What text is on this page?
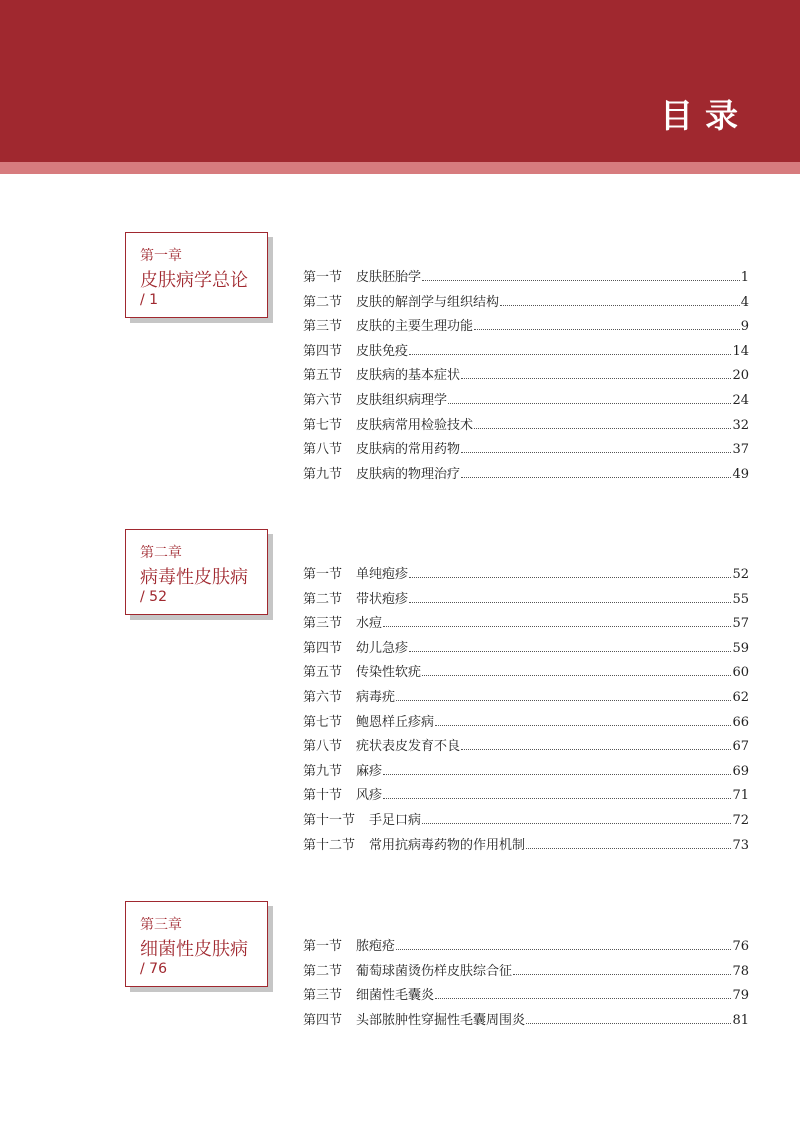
目录
第一章
皮肤病学总论
/ 1
第一节 皮肤胚胎学	1
第二节 皮肤的解剖学与组织结构	4
第三节 皮肤的主要生理功能	9
第四节 皮肤免疫	14
第五节 皮肤病的基本症状	20
第六节 皮肤组织病理学	24
第七节 皮肤病常用检验技术	32
第八节 皮肤病的常用药物	37
第九节 皮肤病的物理治疗	49
第二章
病毒性皮肤病
/ 52
第一节 单纯疱疹	52
第二节 带状疱疹	55
第三节 水痘	57
第四节 幼儿急疹	59
第五节 传染性软疣	60
第六节 病毒疣	62
第七节 鲍恩样丘疹病	66
第八节 疣状表皮发育不良	67
第九节 麻疹	69
第十节 风疹	71
第十一节 手足口病	72
第十二节 常用抗病毒药物的作用机制	73
第三章
细菌性皮肤病
/ 76
第一节 脓疱疮	76
第二节 葡萄球菌烫伤样皮肤综合征	78
第三节 细菌性毛囊炎	79
第四节 头部脓肿性穿掘性毛囊周围炎	81
